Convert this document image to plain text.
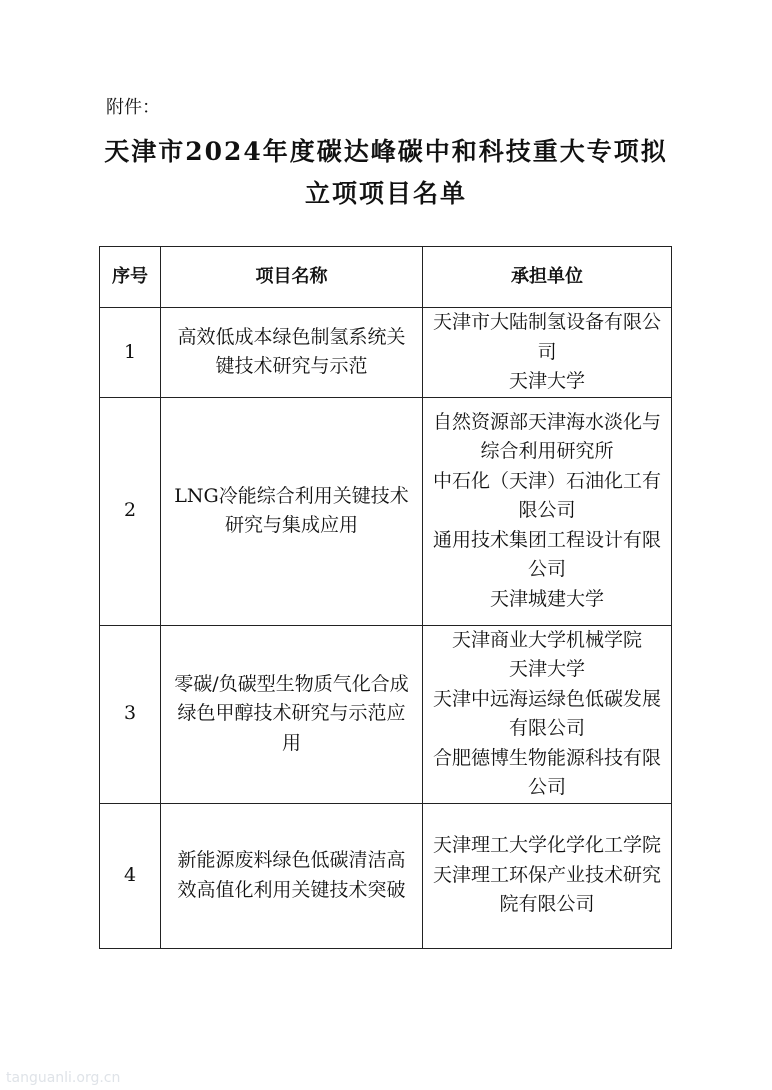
附件：
天津市2024年度碳达峰碳中和科技重大专项拟
立项项目名单
序号	项目名称	承担单位
1	高效低成本绿色制氢系统关键技术研究与示范	天津市大陆制氢设备有限公司
天津大学

2	LNG冷能综合利用关键技术研究与集成应用	自然资源部天津海水淡化与综合利用研究所
中石化（天津）石油化工有限公司
通用技术集团工程设计有限公司
天津城建大学

3	零碳/负碳型生物质气化合成绿色甲醇技术研究与示范应用	天津商业大学机械学院
天津大学
天津中远海运绿色低碳发展有限公司
合肥德博生物能源科技有限公司

4	新能源废料绿色低碳清洁高效高值化利用关键技术突破	天津理工大学化学化工学院
天津理工环保产业技术研究院有限公司
tanguanli.org.cn
